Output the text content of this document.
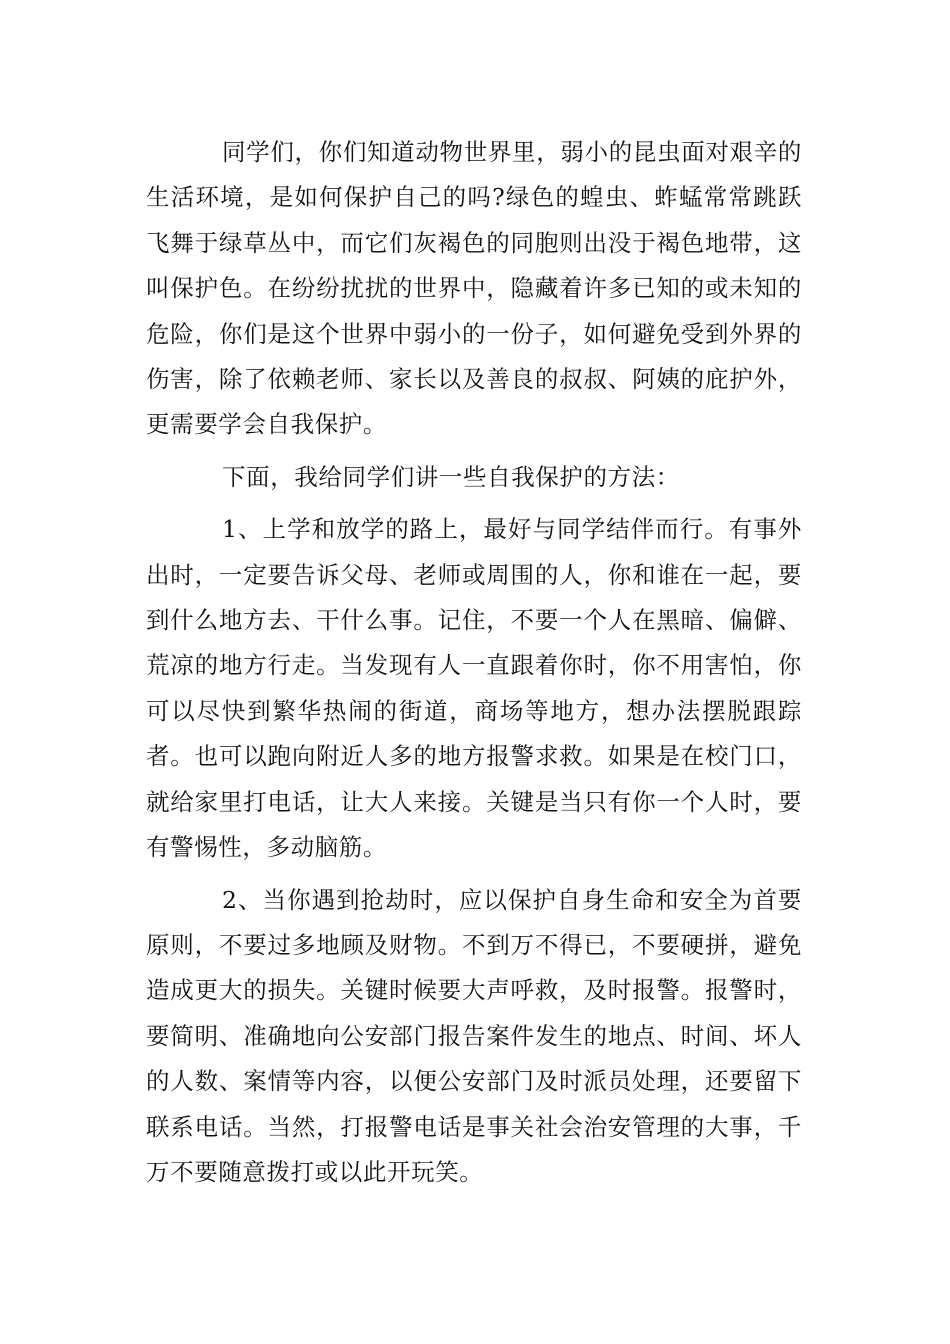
同学们，你们知道动物世界里，弱小的昆虫面对艰辛的生活环境，是如何保护自己的吗?绿色的蝗虫、蚱蜢常常跳跃飞舞于绿草丛中，而它们灰褐色的同胞则出没于褐色地带，这叫保护色。在纷纷扰扰的世界中，隐藏着许多已知的或未知的危险，你们是这个世界中弱小的一份子，如何避免受到外界的伤害，除了依赖老师、家长以及善良的叔叔、阿姨的庇护外，更需要学会自我保护。

下面，我给同学们讲一些自我保护的方法：

1、上学和放学的路上，最好与同学结伴而行。有事外出时，一定要告诉父母、老师或周围的人，你和谁在一起，要到什么地方去、干什么事。记住，不要一个人在黑暗、偏僻、荒凉的地方行走。当发现有人一直跟着你时，你不用害怕，你可以尽快到繁华热闹的街道，商场等地方，想办法摆脱跟踪者。也可以跑向附近人多的地方报警求救。如果是在校门口，就给家里打电话，让大人来接。关键是当只有你一个人时，要有警惕性，多动脑筋。

2、当你遇到抢劫时，应以保护自身生命和安全为首要原则，不要过多地顾及财物。不到万不得已，不要硬拼，避免造成更大的损失。关键时候要大声呼救，及时报警。报警时，要简明、准确地向公安部门报告案件发生的地点、时间、坏人的人数、案情等内容，以便公安部门及时派员处理，还要留下联系电话。当然，打报警电话是事关社会治安管理的大事，千万不要随意拨打或以此开玩笑。
